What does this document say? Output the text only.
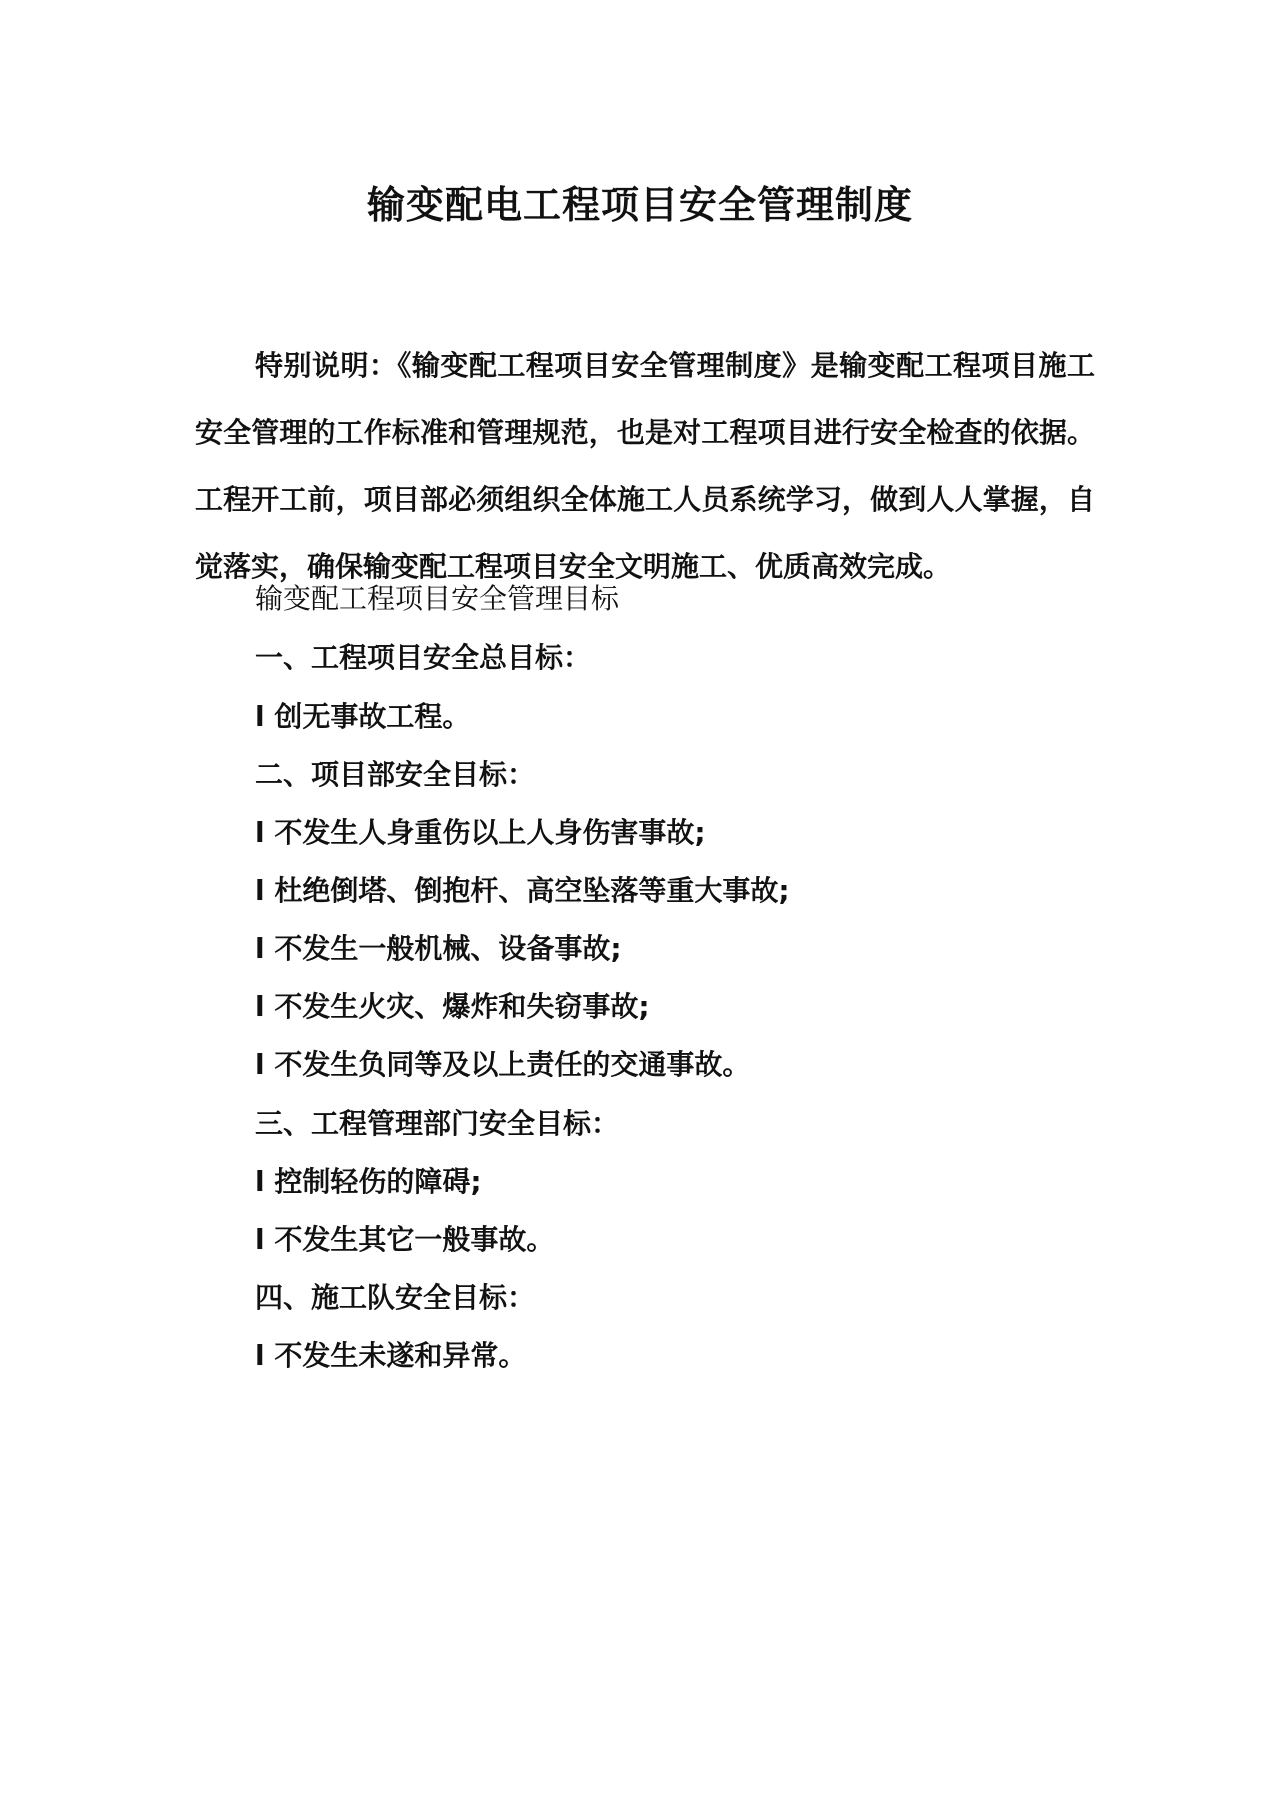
输变配电工程项目安全管理制度

特别说明：《输变配工程项目安全管理制度》是输变配工程项目施工安全管理的工作标准和管理规范，也是对工程项目进行安全检查的依据。工程开工前，项目部必须组织全体施工人员系统学习，做到人人掌握，自觉落实，确保输变配工程项目安全文明施工、优质高效完成。

输变配工程项目安全管理目标

一、工程项目安全总目标：

l 创无事故工程。

二、项目部安全目标：

l 不发生人身重伤以上人身伤害事故;

l 杜绝倒塔、倒抱杆、高空坠落等重大事故;

l 不发生一般机械、设备事故;

l 不发生火灾、爆炸和失窃事故;

l 不发生负同等及以上责任的交通事故。

三、工程管理部门安全目标：

l 控制轻伤的障碍;

l 不发生其它一般事故。

四、施工队安全目标：

l 不发生未遂和异常。
